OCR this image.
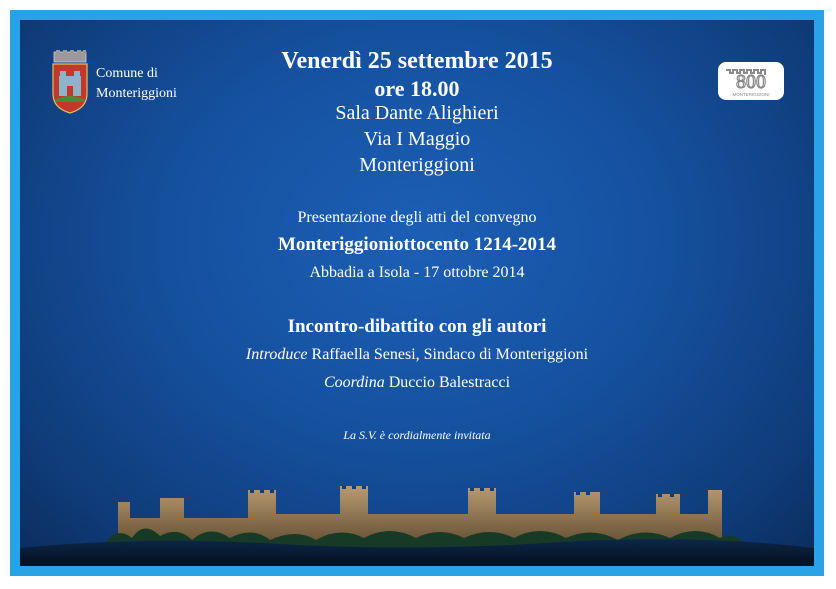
Comune di
Monteriggioni
800
MONTERIGGIONI
Venerdì 25 settembre 2015
ore 18.00
Sala Dante Alighieri
Via I Maggio
Monteriggioni
Presentazione degli atti del convegno
Monteriggioniottocento 1214-2014
Abbadia a Isola - 17 ottobre 2014
Incontro-dibattito con gli autori
Introduce Raffaella Senesi, Sindaco di Monteriggioni
Coordina Duccio Balestracci
La S.V. è cordialmente invitata
